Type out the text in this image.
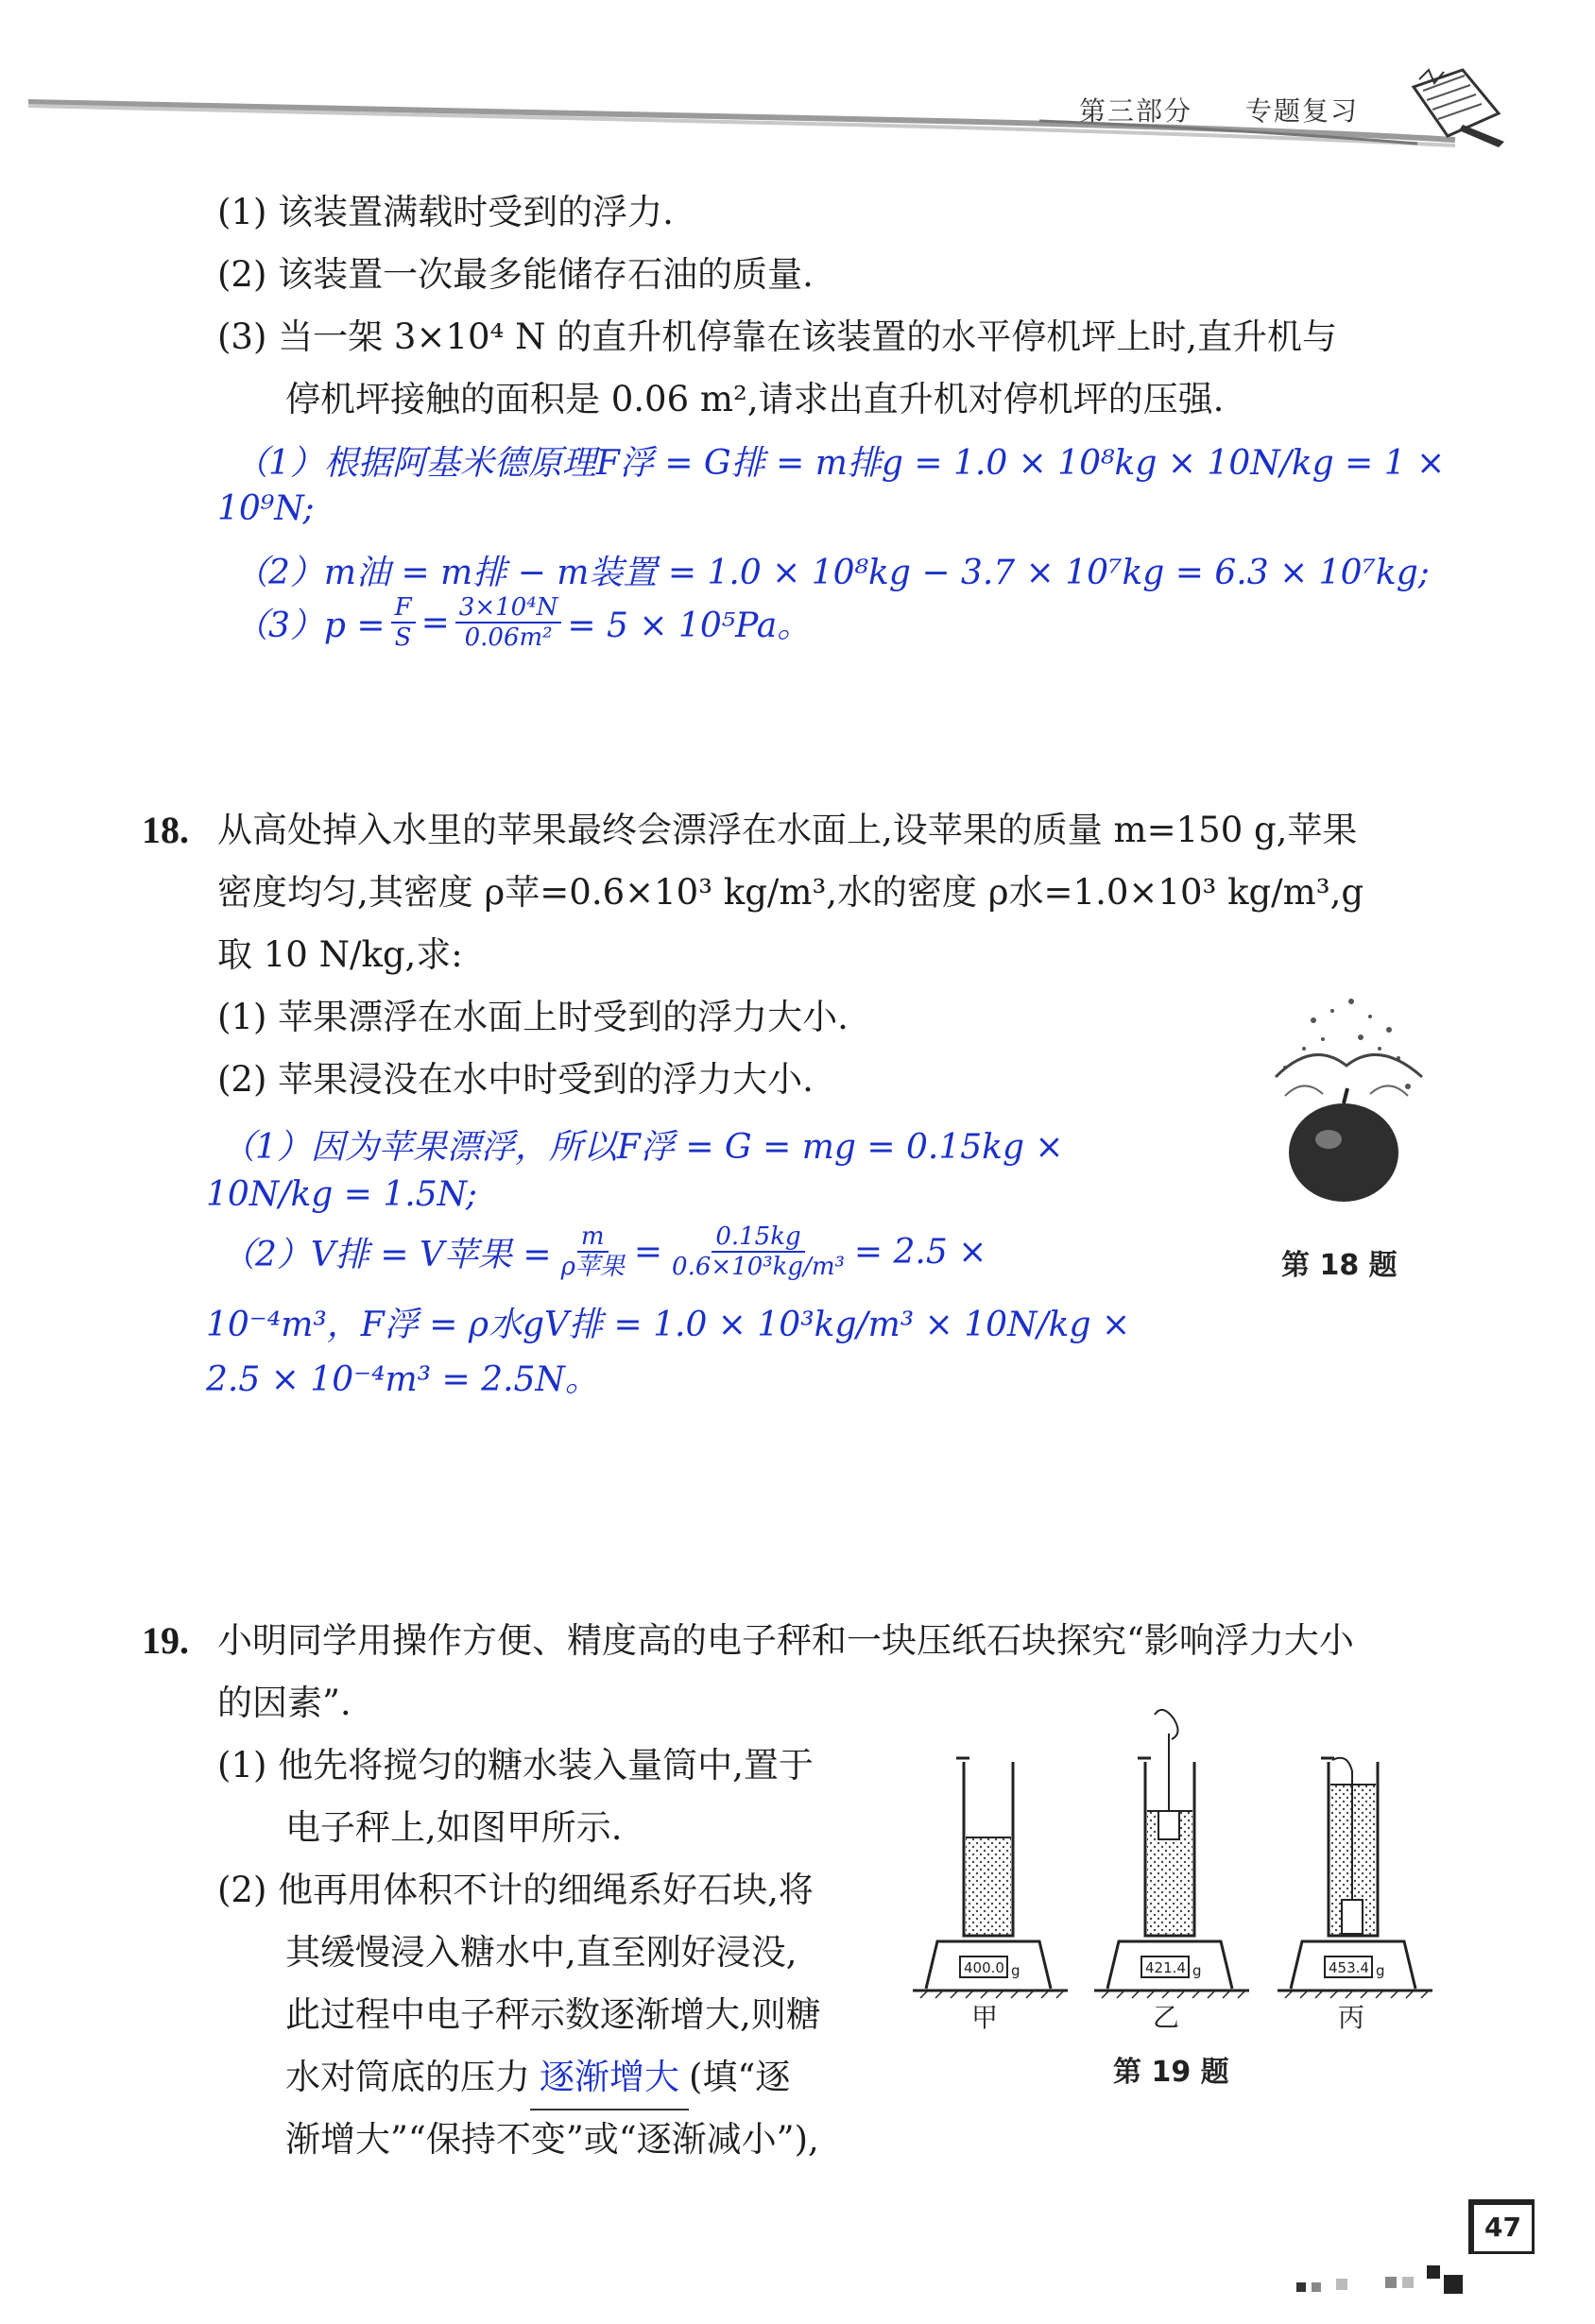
第三部分 专题复习
(1) 该装置满载时受到的浮力.
(2) 该装置一次最多能储存石油的质量.
(3) 当一架 3×10⁴ N 的直升机停靠在该装置的水平停机坪上时,直升机与
停机坪接触的面积是 0.06 m²,请求出直升机对停机坪的压强.
（1）根据阿基米德原理F浮 = G排 = m排g = 1.0 × 10⁸kg × 10N/kg = 1 ×
10⁹N;
（2）m油 = m排 − m装置 = 1.0 × 10⁸kg − 3.7 × 10⁷kg = 6.3 × 10⁷kg;
$(3)p = \frac{F}{S} = \frac{\text{3×10⁴N}}{\text{0.06m²}} = 5 \times 10^5Pa$。
18. 从高处掉入水里的苹果最终会漂浮在水面上,设苹果的质量 m=150 g,苹果
密度均匀,其密度 ρ苹=0.6×10³ kg/m³,水的密度 ρ水=1.0×10³ kg/m³,g
取 10 N/kg,求:
(1) 苹果漂浮在水面上时受到的浮力大小.
(2) 苹果浸没在水中时受到的浮力大小.
（1）因为苹果漂浮，所以F浮 = G = mg = 0.15kg ×
10N/kg = 1.5N;
（2）V排 = V苹果 = $\frac{m}{\text{ρ苹果}} = \frac{0.15kg}{\text{0.6×10³kg/m³}} = 2.5$ ×
10⁻⁴m³，F浮 = ρ水gV排 = 1.0 × 10³kg/m³ × 10N/kg ×
2.5 × 10⁻⁴m³ = 2.5N。
第 18 题
19. 小明同学用操作方便、精度高的电子秤和一块压纸石块探究“影响浮力大小
的因素”.
(1) 他先将搅匀的糖水装入量筒中,置于
电子秤上,如图甲所示.
(2) 他再用体积不计的细绳系好石块,将
其缓慢浸入糖水中,直至刚好浸没,
此过程中电子秤示数逐渐增大,则糖
水对筒底的压力 逐渐增大 (填“逐
渐增大”“保持不变”或“逐渐减小”),
400.0 g	421.4 g	453.4 g
甲	乙	丙
第 19 题
47
